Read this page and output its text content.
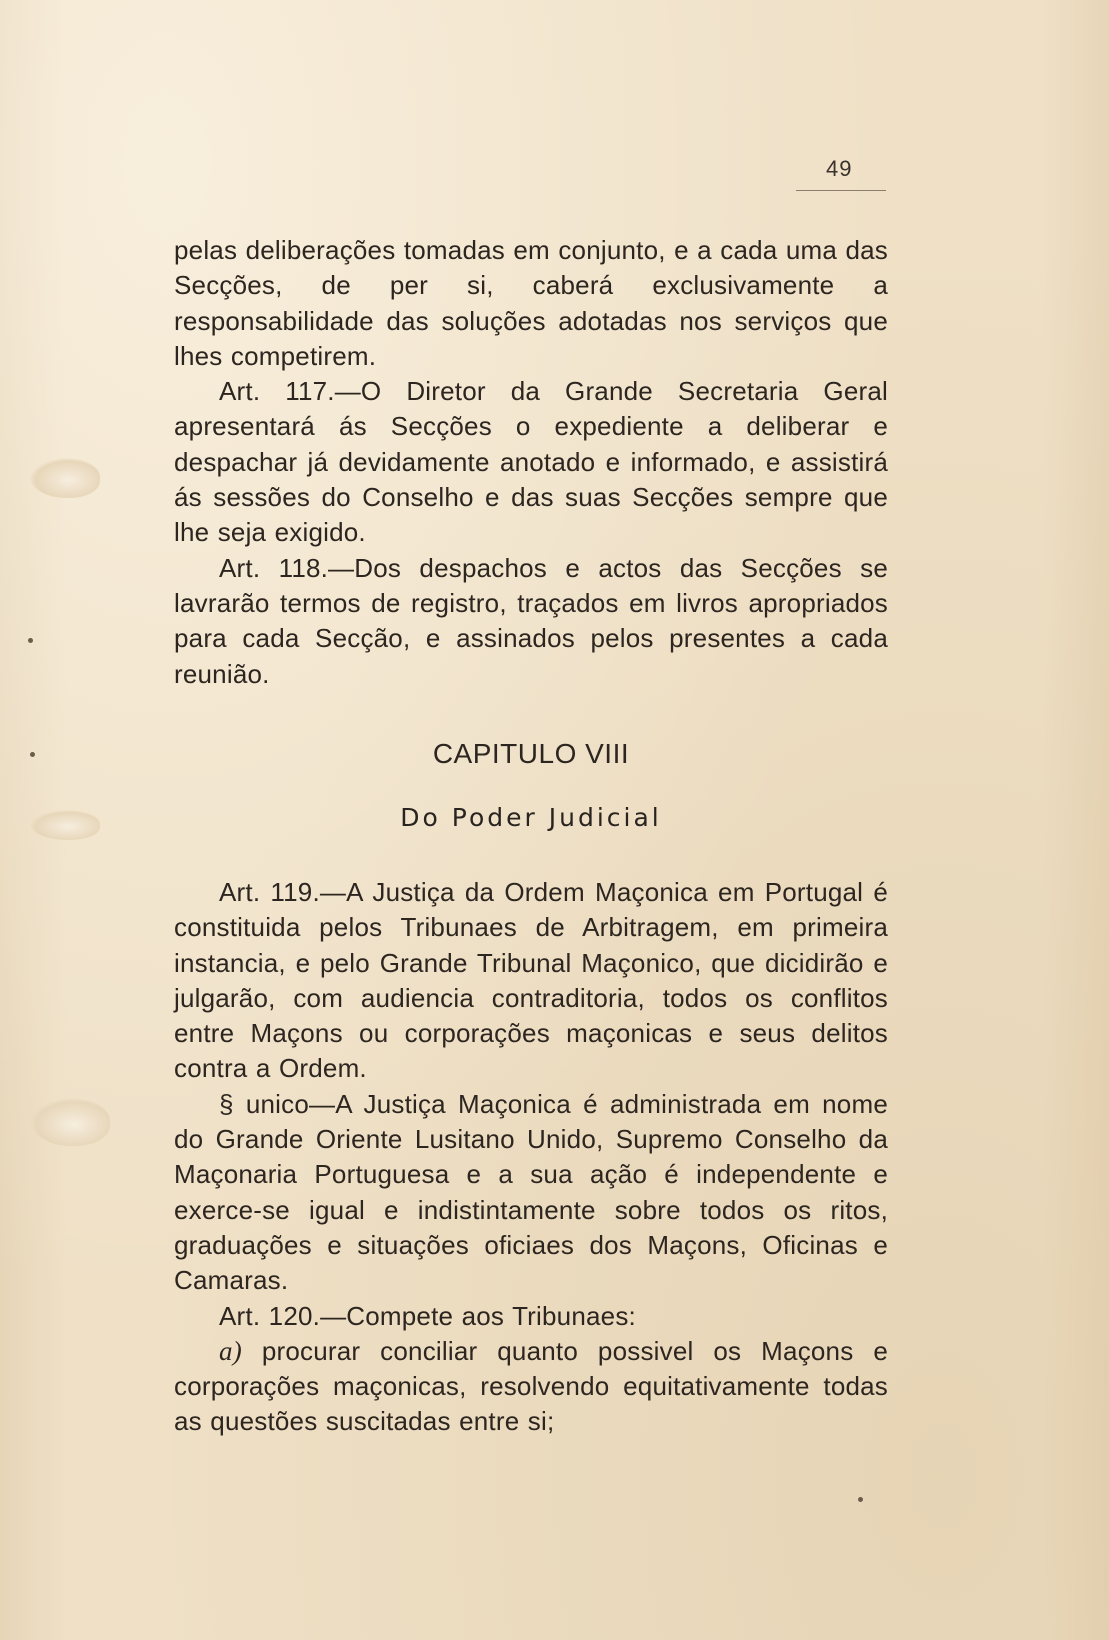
49

pelas deliberações tomadas em conjunto, e a cada uma das Secções, de per si, caberá exclusivamente a responsabilidade das soluções adotadas nos serviços que lhes competirem.

Art. 117.—O Diretor da Grande Secretaria Geral apresentará ás Secções o expediente a deliberar e despachar já devidamente anotado e informado, e assistirá ás sessões do Conselho e das suas Secções sempre que lhe seja exigido.

Art. 118.—Dos despachos e actos das Secções se lavrarão termos de registro, traçados em livros apropriados para cada Secção, e assinados pelos presentes a cada reunião.

CAPITULO VIII
Do Poder Judicial

Art. 119.—A Justiça da Ordem Maçonica em Portugal é constituida pelos Tribunaes de Arbitragem, em primeira instancia, e pelo Grande Tribunal Maçonico, que dicidirão e julgarão, com audiencia contraditoria, todos os conflitos entre Maçons ou corporações maçonicas e seus delitos contra a Ordem.

§ unico—A Justiça Maçonica é administrada em nome do Grande Oriente Lusitano Unido, Supremo Conselho da Maçonaria Portuguesa e a sua ação é independente e exerce-se igual e indistintamente sobre todos os ritos, graduações e situações oficiaes dos Maçons, Oficinas e Camaras.

Art. 120.—Compete aos Tribunaes:

a) procurar conciliar quanto possivel os Maçons e corporações maçonicas, resolvendo equitativamente todas as questões suscitadas entre si;
